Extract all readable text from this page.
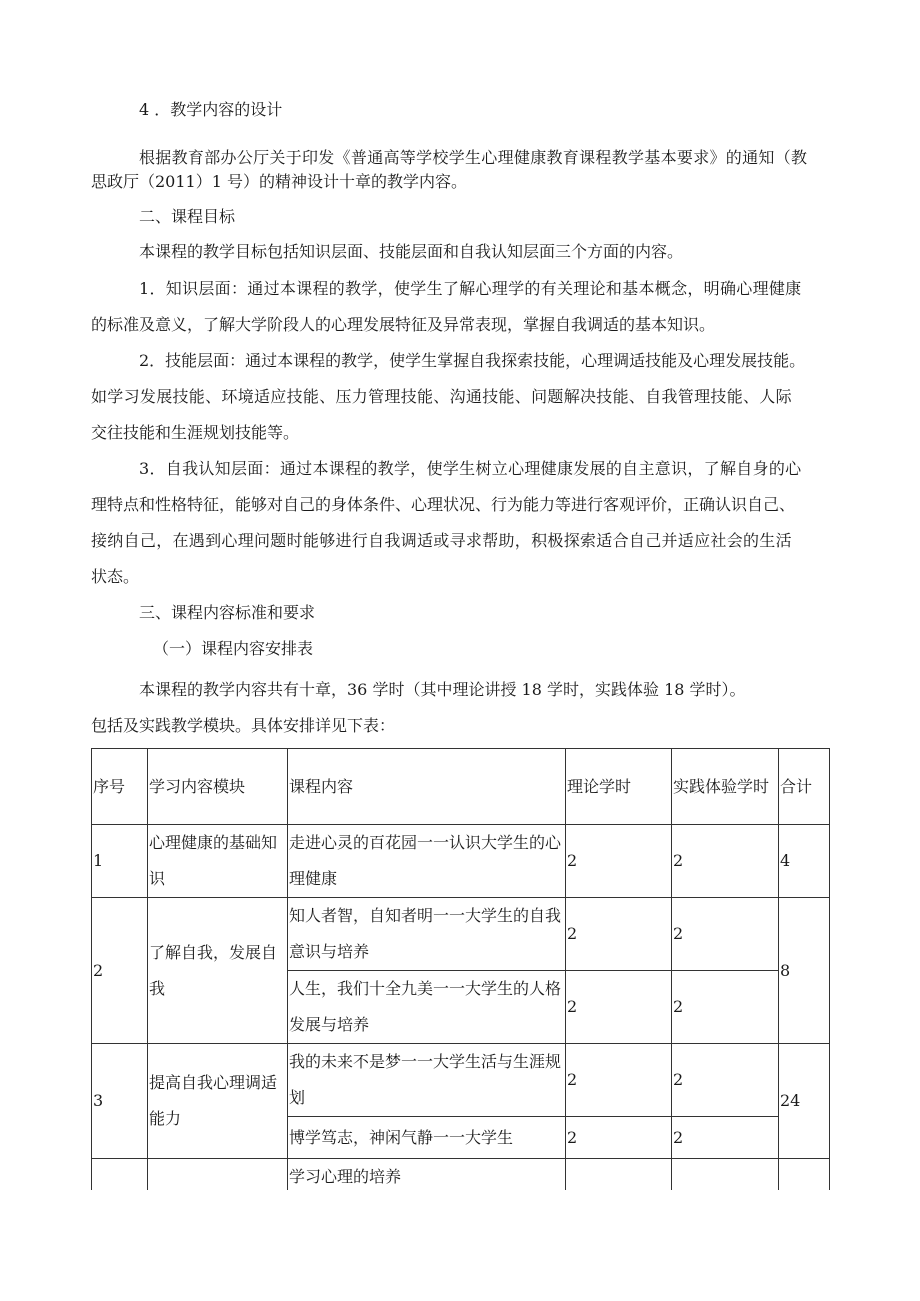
4 ．教学内容的设计
根据教育部办公厅关于印发《普通高等学校学生心理健康教育课程教学基本要求》的通知（教
思政厅（2011）1 号）的精神设计十章的教学内容。
二、课程目标
本课程的教学目标包括知识层面、技能层面和自我认知层面三个方面的内容。
1．知识层面：通过本课程的教学，使学生了解心理学的有关理论和基本概念，明确心理健康
的标准及意义，了解大学阶段人的心理发展特征及异常表现，掌握自我调适的基本知识。
2．技能层面：通过本课程的教学，使学生掌握自我探索技能，心理调适技能及心理发展技能。
如学习发展技能、环境适应技能、压力管理技能、沟通技能、问题解决技能、自我管理技能、人际
交往技能和生涯规划技能等。
3．自我认知层面：通过本课程的教学，使学生树立心理健康发展的自主意识，了解自身的心
理特点和性格特征，能够对自己的身体条件、心理状况、行为能力等进行客观评价，正确认识自己、
接纳自己，在遇到心理问题时能够进行自我调适或寻求帮助，积极探索适合自己并适应社会的生活
状态。
三、课程内容标准和要求
（一）课程内容安排表
本课程的教学内容共有十章，36 学时（其中理论讲授 18 学时，实践体验 18 学时）。
包括及实践教学模块。具体安排详见下表：
序号	学习内容模块	课程内容	理论学时	实践体验学时	合计
1	心理健康的基础知识	走进心灵的百花园一一认识大学生的心理健康	2	2	4
2	了解自我，发展自我	知人者智，自知者明一一大学生的自我意识与培养	2	2	8
		人生，我们十全九美一一大学生的人格发展与培养	2	2	
3	提高自我心理调适能力	我的未来不是梦一一大学生活与生涯规划	2	2	24
		博学笃志，神闲气静一一大学生	2	2	
		学习心理的培养			
